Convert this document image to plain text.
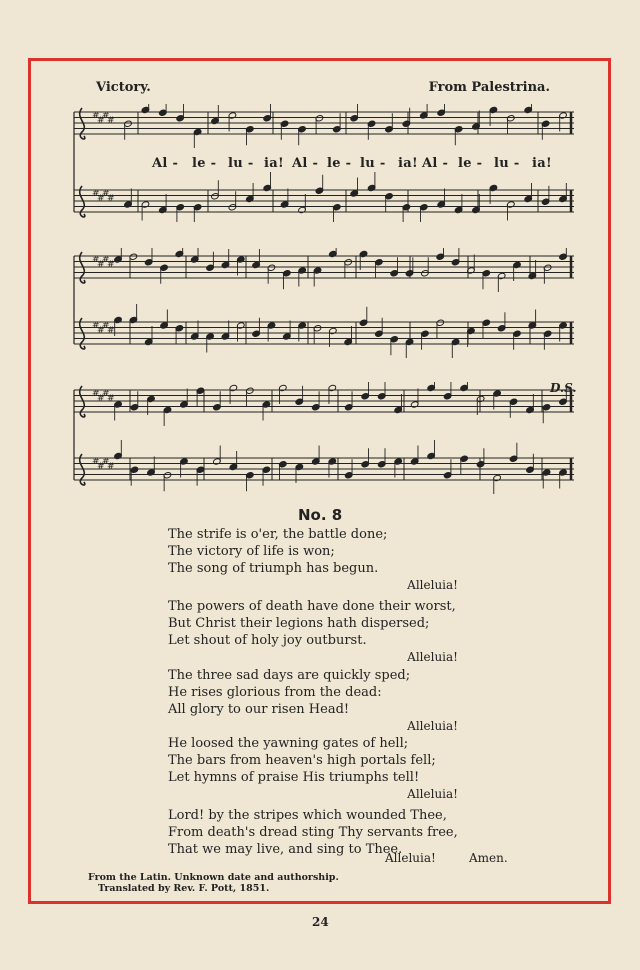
Victory.	From Palestrina.
#
#
#
#
#
#
#
#
Al - le - lu - ia! Al - le - lu - ia! Al - le - lu - ia!
#
#
#
#
#
#
#
#
#
#
#
#
#
#
#
#
D.S.
No. 8
The strife is o'er, the battle done;
The victory of life is won;
The song of triumph has begun.
Alleluia!
The powers of death have done their worst,
But Christ their legions hath dispersed;
Let shout of holy joy outburst.
Alleluia!
The three sad days are quickly sped;
He rises glorious from the dead:
All glory to our risen Head!
Alleluia!
He loosed the yawning gates of hell;
The bars from heaven's high portals fell;
Let hymns of praise His triumphs tell!
Alleluia!
Lord! by the stripes which wounded Thee,
From death's dread sting Thy servants free,
That we may live, and sing to Thee.
Alleluia!	Amen.
From the Latin. Unknown date and authorship.
Translated by Rev. F. Pott, 1851.
24
